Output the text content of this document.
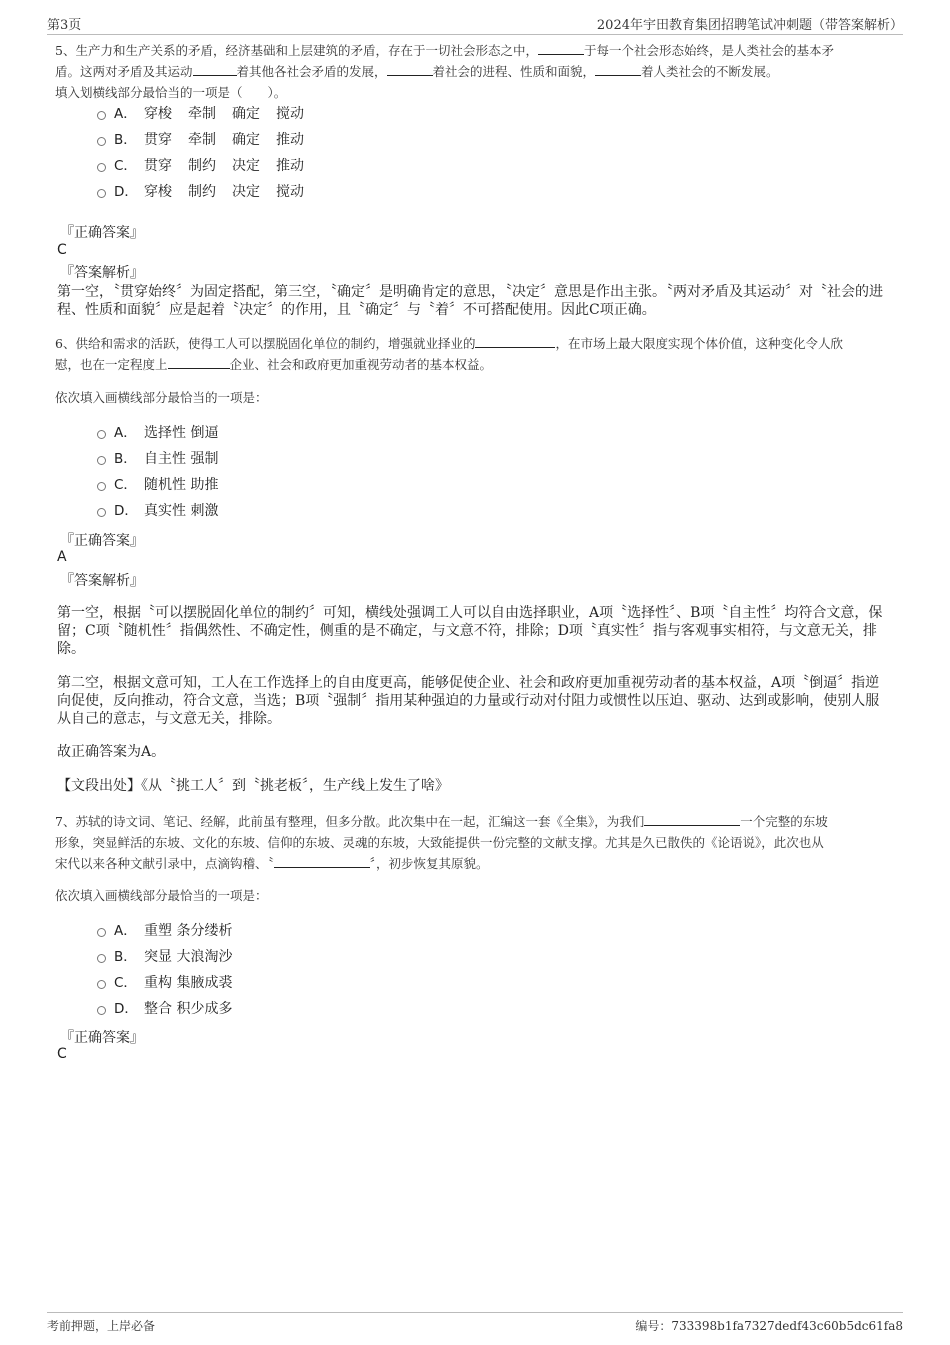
第3页	2024年宇田教育集团招聘笔试冲刺题（带答案解析）
5、生产力和生产关系的矛盾，经济基础和上层建筑的矛盾，存在于一切社会形态之中，	于每一个社会形态始终，是人类社会的基本矛
盾。这两对矛盾及其运动	着其他各社会矛盾的发展，	着社会的进程、性质和面貌，	着人类社会的不断发展。
填入划横线部分最恰当的一项是（　　）。
A． 穿梭 牵制 确定 搅动
B． 贯穿 牵制 确定 推动
C． 贯穿 制约 决定 推动
D． 穿梭 制约 决定 搅动
『正确答案』
C
『答案解析』
第一空，〝贯穿始终〞为固定搭配，第三空，〝确定〞是明确肯定的意思，〝决定〞意思是作出主张。〝两对矛盾及其运动〞对〝社会的进程、性质和面貌〞应是起着〝决定〞的作用，且〝确定〞与〝着〞不可搭配使用。因此C项正确。
6、供给和需求的活跃，使得工人可以摆脱固化单位的制约，增强就业择业的	，在市场上最大限度实现个体价值，这种变化令人欣
慰，也在一定程度上	企业、社会和政府更加重视劳动者的基本权益。
依次填入画横线部分最恰当的一项是：
A． 选择性 倒逼
B． 自主性 强制
C． 随机性 助推
D． 真实性 刺激
『正确答案』
A
『答案解析』
第一空，根据〝可以摆脱固化单位的制约〞可知，横线处强调工人可以自由选择职业，A项〝选择性〞、B项〝自主性〞均符合文意，保留；C项〝随机性〞指偶然性、不确定性，侧重的是不确定，与文意不符，排除；D项〝真实性〞指与客观事实相符，与文意无关，排除。
第二空，根据文意可知，工人在工作选择上的自由度更高，能够促使企业、社会和政府更加重视劳动者的基本权益，A项〝倒逼〞指逆向促使，反向推动，符合文意，当选；B项〝强制〞指用某种强迫的力量或行动对付阻力或惯性以压迫、驱动、达到或影响，使别人服从自己的意志，与文意无关，排除。
故正确答案为A。
【文段出处】《从〝挑工人〞到〝挑老板〞，生产线上发生了啥》
7、苏轼的诗文词、笔记、经解，此前虽有整理，但多分散。此次集中在一起，汇编这一套《全集》，为我们	一个完整的东坡
形象，突显鲜活的东坡、文化的东坡、信仰的东坡、灵魂的东坡，大致能提供一份完整的文献支撑。尤其是久已散佚的《论语说》，此次也从
宋代以来各种文献引录中，点滴钩稽、〝	〞，初步恢复其原貌。
依次填入画横线部分最恰当的一项是：
A． 重塑 条分缕析
B． 突显 大浪淘沙
C． 重构 集腋成裘
D． 整合 积少成多
『正确答案』
C
考前押题，上岸必备	编号：733398b1fa7327dedf43c60b5dc61fa8
